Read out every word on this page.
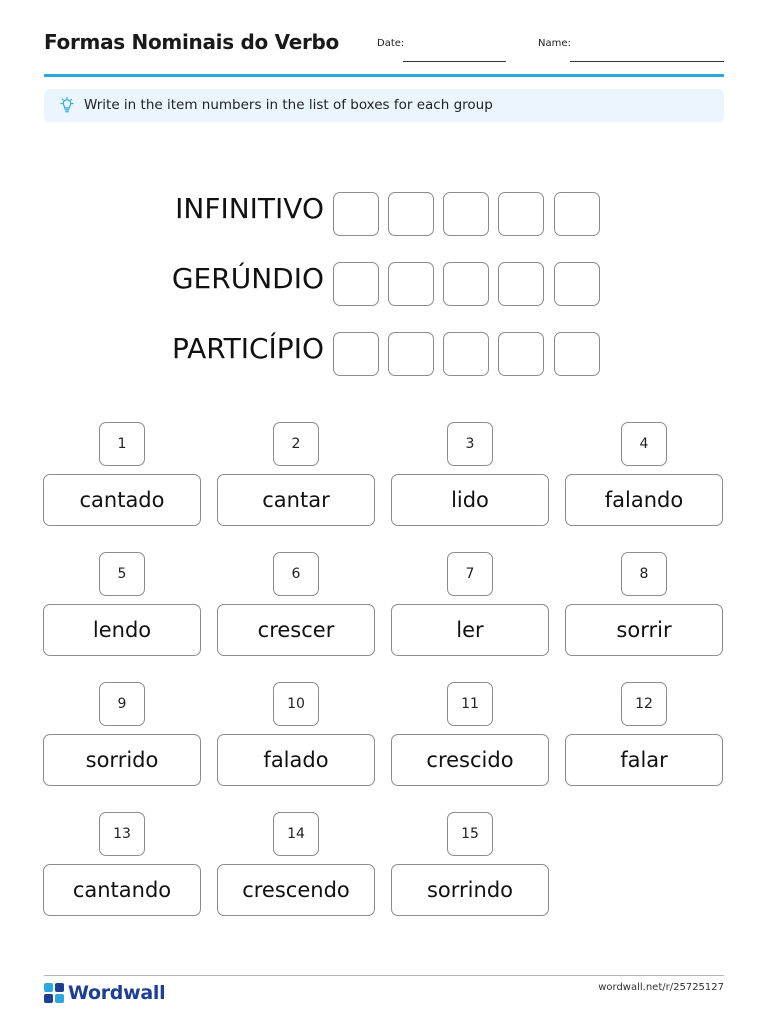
Formas Nominais do Verbo	Date:	Name:
Write in the item numbers in the list of boxes for each group
INFINITIVO
GERÚNDIO
PARTICÍPIO
1
cantado
2
cantar
3
lido
4
falando
5
lendo
6
crescer
7
ler
8
sorrir
9
sorrido
10
falado
11
crescido
12
falar
13
cantando
14
crescendo
15
sorrindo
Wordwall	wordwall.net/r/25725127
